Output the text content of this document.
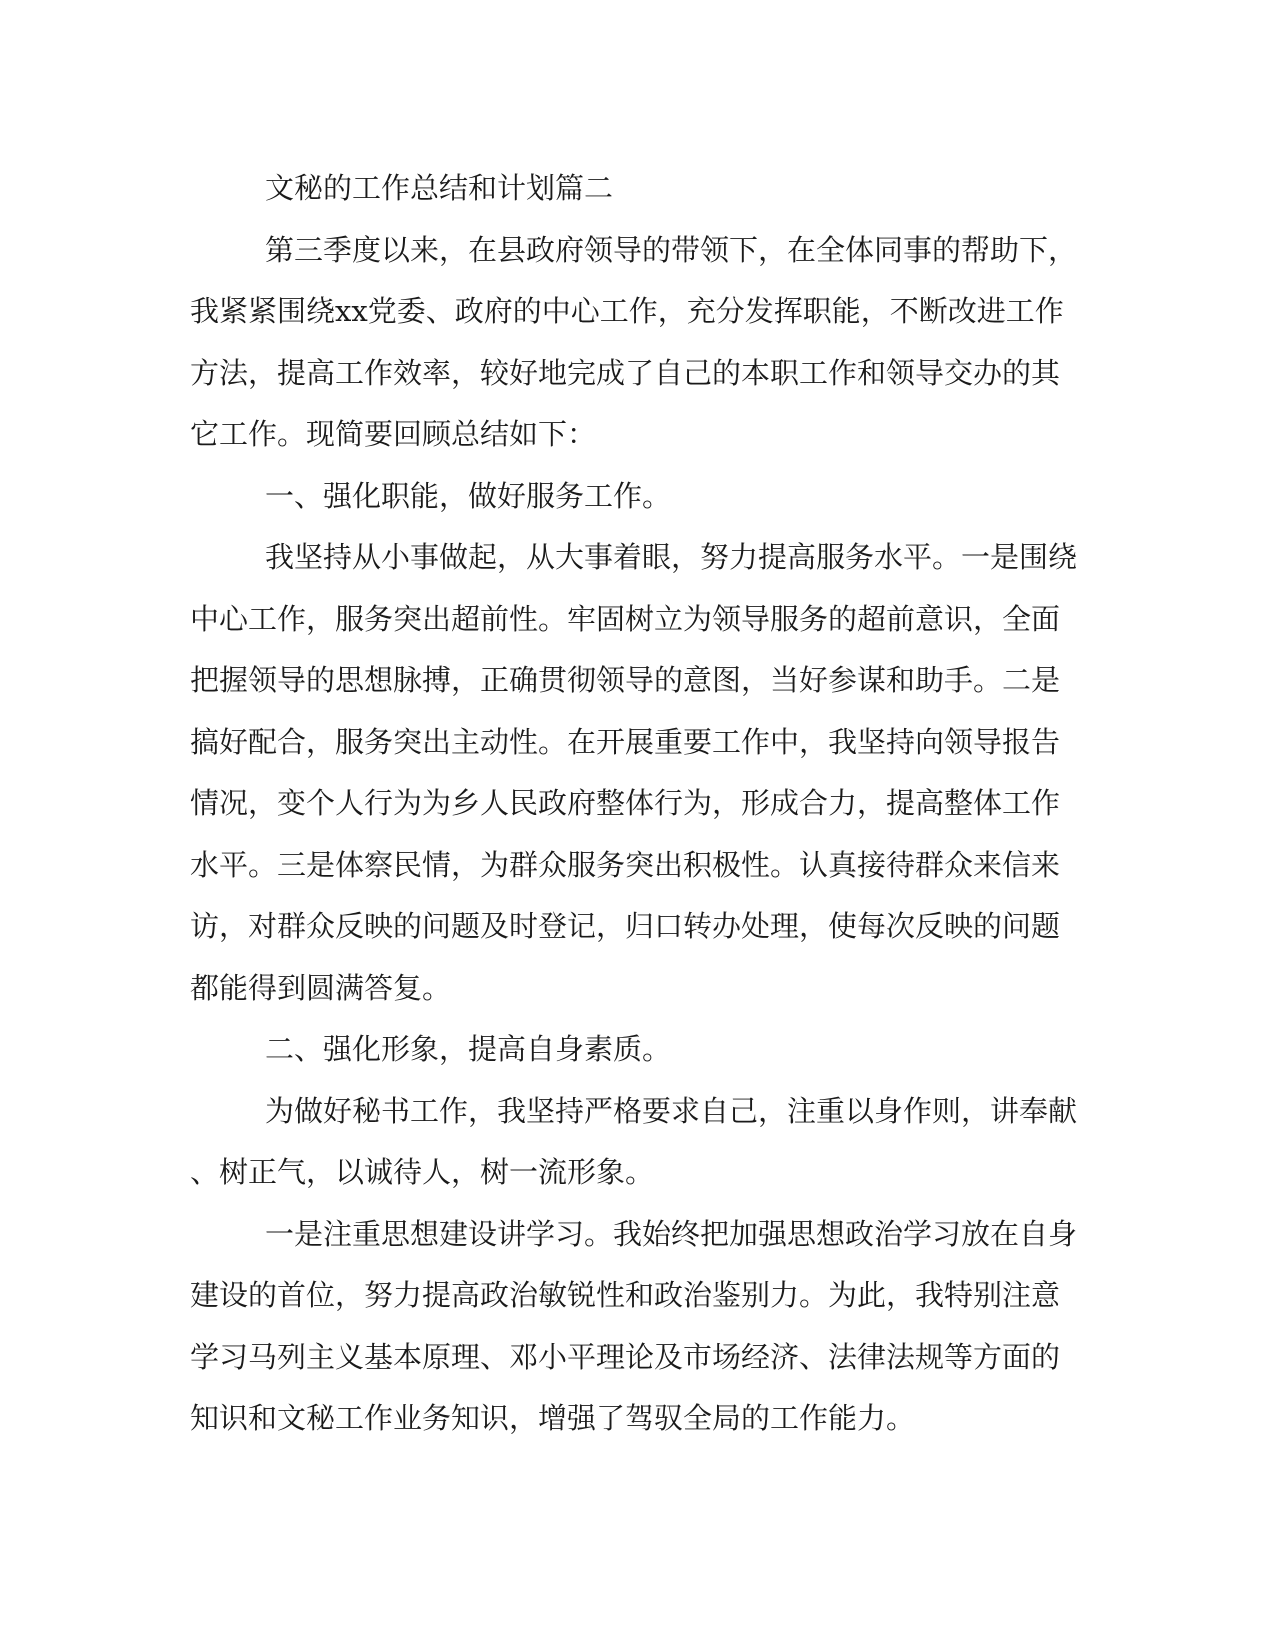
文秘的工作总结和计划篇二
第三季度以来，在县政府领导的带领下，在全体同事的帮助下，
我紧紧围绕xx党委、政府的中心工作，充分发挥职能，不断改进工作
方法，提高工作效率，较好地完成了自己的本职工作和领导交办的其
它工作。现简要回顾总结如下：
一、强化职能，做好服务工作。
我坚持从小事做起，从大事着眼，努力提高服务水平。一是围绕
中心工作，服务突出超前性。牢固树立为领导服务的超前意识，全面
把握领导的思想脉搏，正确贯彻领导的意图，当好参谋和助手。二是
搞好配合，服务突出主动性。在开展重要工作中，我坚持向领导报告
情况，变个人行为为乡人民政府整体行为，形成合力，提高整体工作
水平。三是体察民情，为群众服务突出积极性。认真接待群众来信来
访，对群众反映的问题及时登记，归口转办处理，使每次反映的问题
都能得到圆满答复。
二、强化形象，提高自身素质。
为做好秘书工作，我坚持严格要求自己，注重以身作则，讲奉献
、树正气，以诚待人，树一流形象。
一是注重思想建设讲学习。我始终把加强思想政治学习放在自身
建设的首位，努力提高政治敏锐性和政治鉴别力。为此，我特别注意
学习马列主义基本原理、邓小平理论及市场经济、法律法规等方面的
知识和文秘工作业务知识，增强了驾驭全局的工作能力。
